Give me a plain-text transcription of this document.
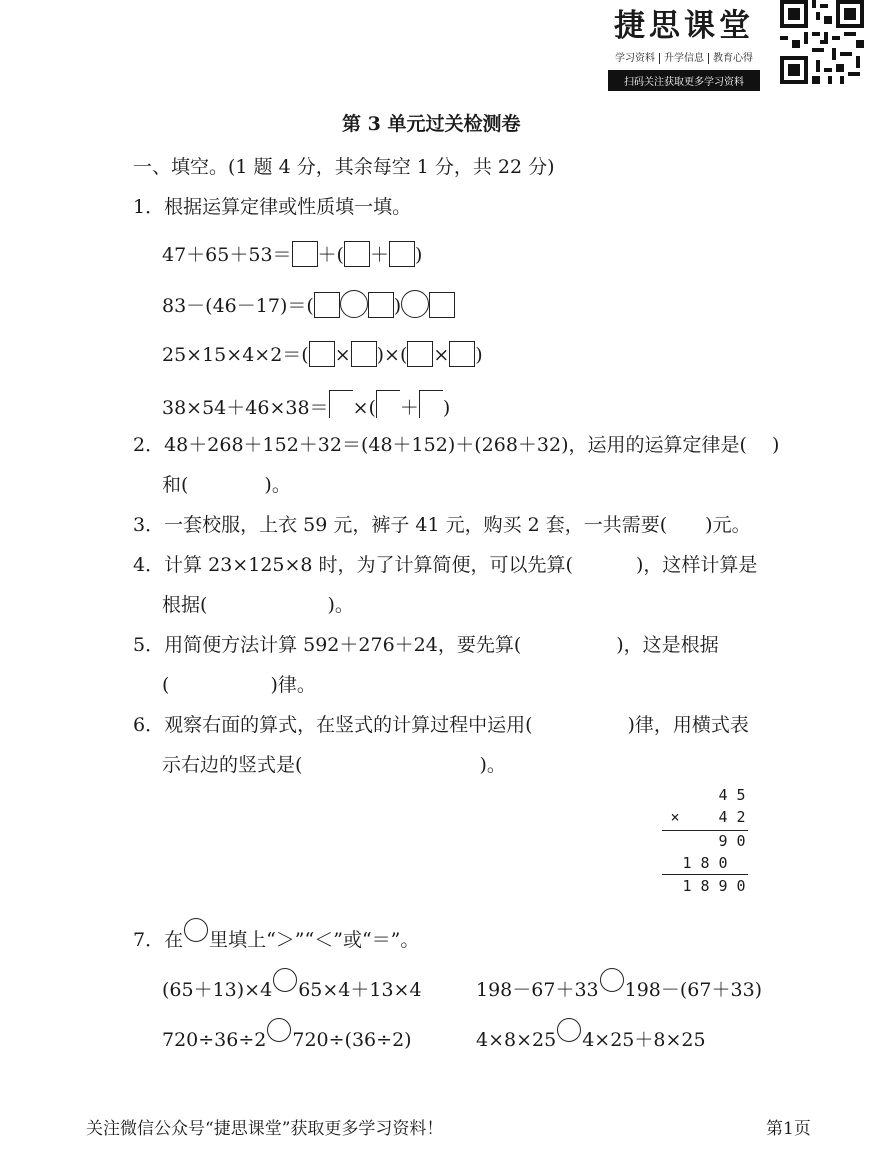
捷思课堂
学习资料 升学信息 教育心得
扫码关注获取更多学习资料
第 3 单元过关检测卷
一、填空。(1 题 4 分，其余每空 1 分，共 22 分)
1．根据运算定律或性质填一填。
47＋65＋53＝ ＋( ＋ )
83－(46－17)＝(	)
25×15×4×2＝( × )×( × )
38×54＋46×38＝ ×( ＋ )
2．48＋268＋152＋32＝(48＋152)＋(268＋32)，运用的运算定律是(　 )
和(　　　　)。
3．一套校服，上衣 59 元，裤子 41 元，购买 2 套，一共需要(　　)元。
4．计算 23×125×8 时，为了计算简便，可以先算(　　　 )，这样计算是
根据(　　　　　　 )。
5．用简便方法计算 592＋276＋24，要先算(　　　　　)，这是根据
(　　　　　 )律。
6．观察右面的算式，在竖式的计算过程中运用(　　　　　)律，用横式表
示右边的竖式是(　　　　　　　　　 )。
4 5
×	4 2
9 0
1 8 0
1 8 9 0
7．在 里填上“＞”“＜”或“＝”。
(65＋13)×4 65×4＋13×4	198－67＋33 198－(67＋33)
720÷36÷2 720÷(36÷2)	4×8×25 4×25＋8×25
关注微信公众号“捷思课堂”获取更多学习资料！	第1页
